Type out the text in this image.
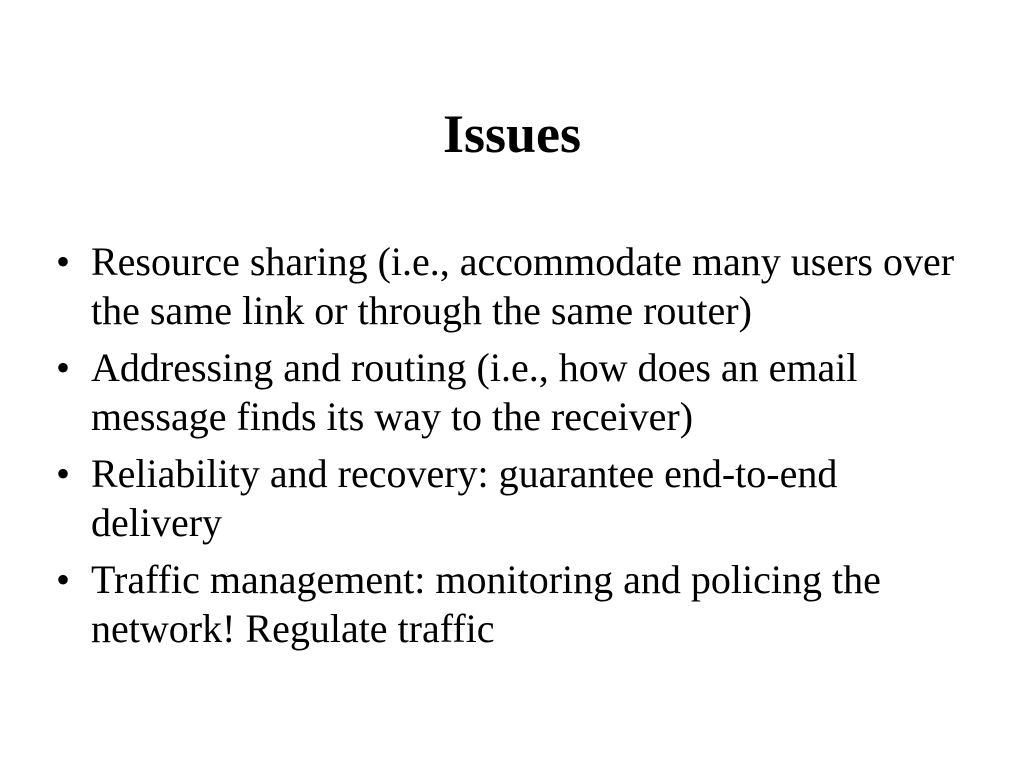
Issues
• Resource sharing (i.e., accommodate many users over the same link or through the same router)
• Addressing and routing (i.e., how does an email message finds its way to the receiver)
• Reliability and recovery: guarantee end-to-end delivery
• Traffic management: monitoring and policing the network! Regulate traffic
